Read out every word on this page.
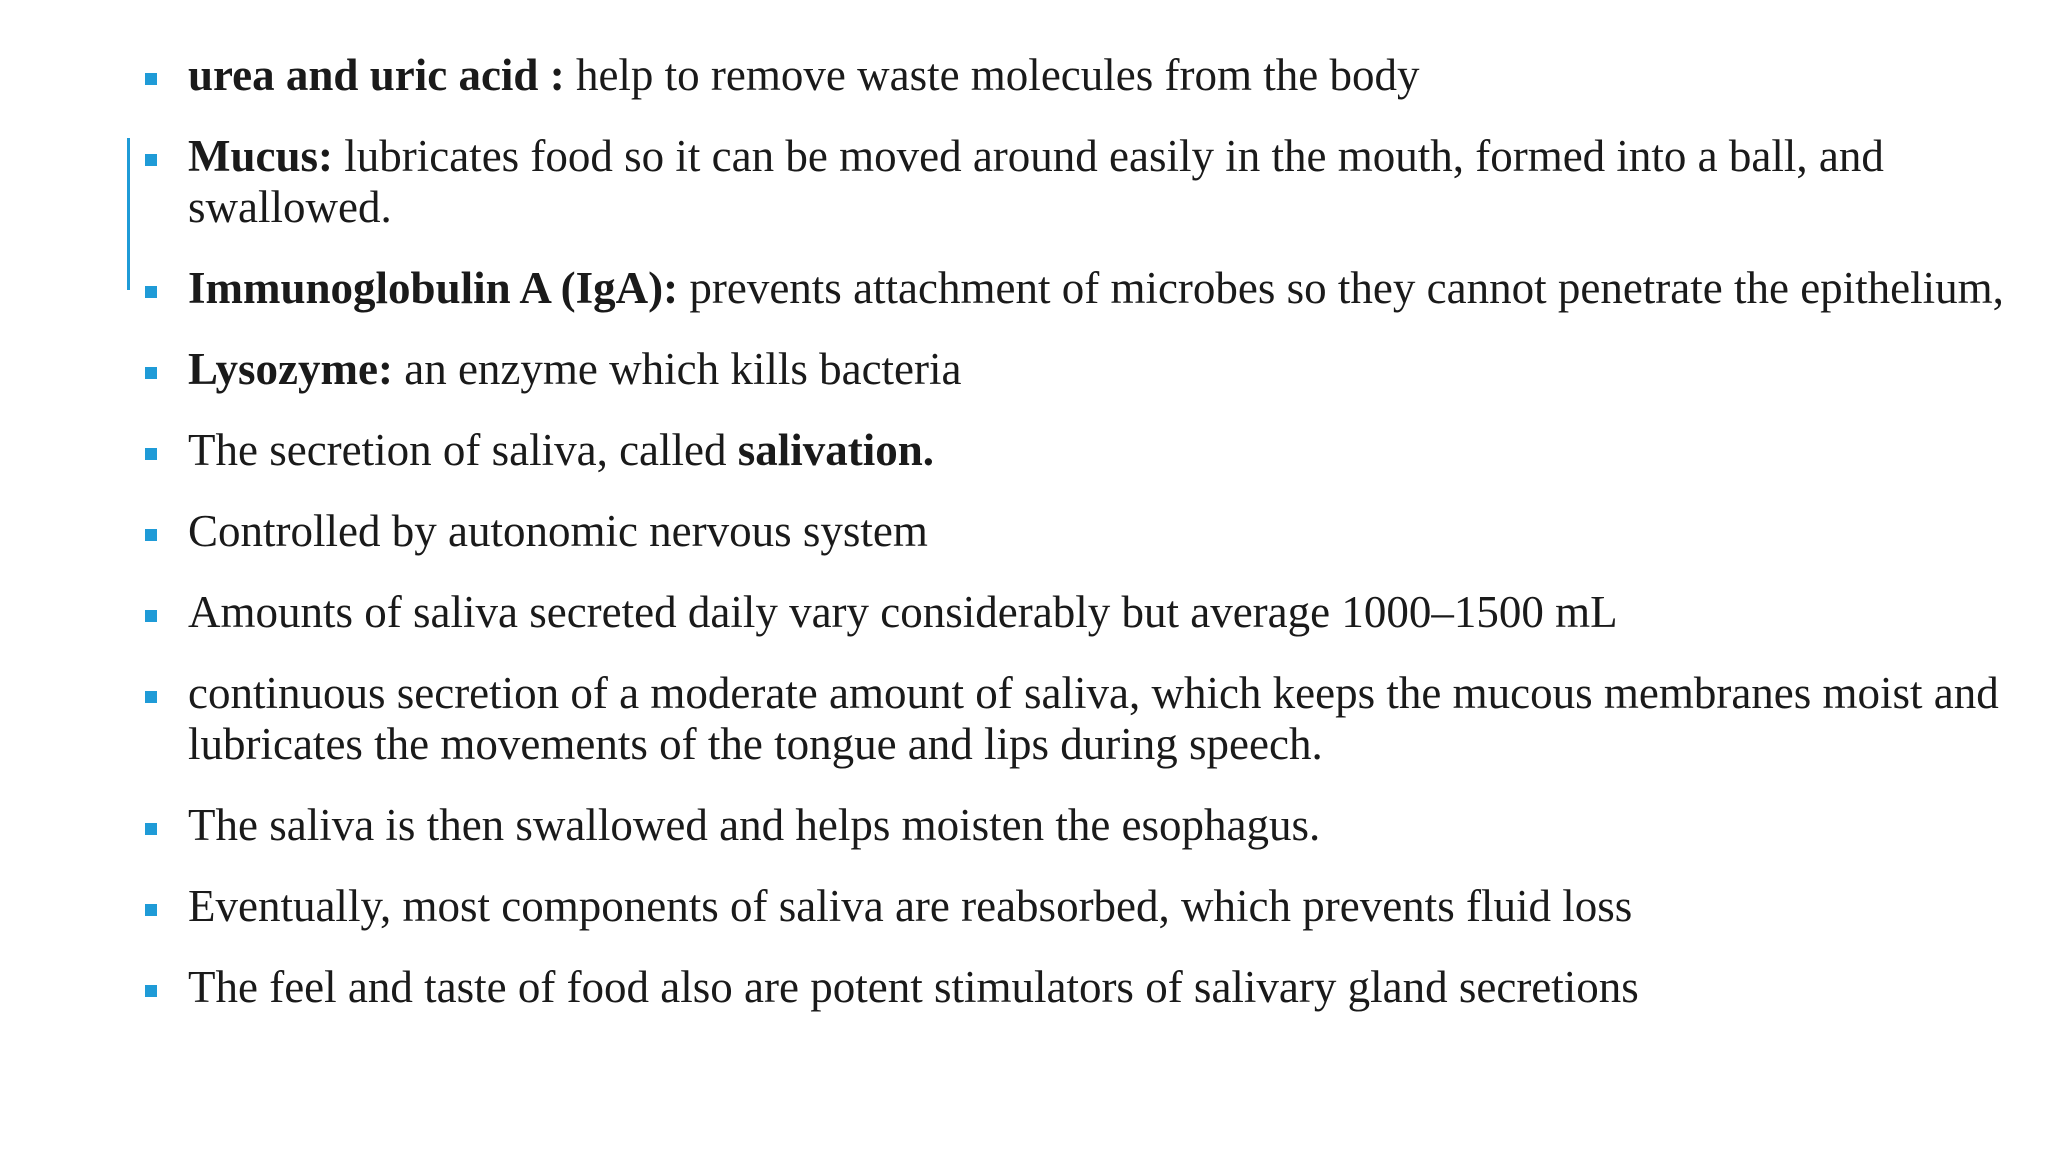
urea and uric acid : help to remove waste molecules from the body
Mucus: lubricates food so it can be moved around easily in the mouth, formed into a ball, and swallowed.
Immunoglobulin A (IgA): prevents attachment of microbes so they cannot penetrate the epithelium,
Lysozyme: an enzyme which kills bacteria
The secretion of saliva, called salivation.
Controlled by autonomic nervous system
Amounts of saliva secreted daily vary considerably but average 1000–1500 mL
continuous secretion of a moderate amount of saliva, which keeps the mucous membranes moist and lubricates the movements of the tongue and lips during speech.
The saliva is then swallowed and helps moisten the esophagus.
Eventually, most components of saliva are reabsorbed, which prevents fluid loss
The feel and taste of food also are potent stimulators of salivary gland secretions
